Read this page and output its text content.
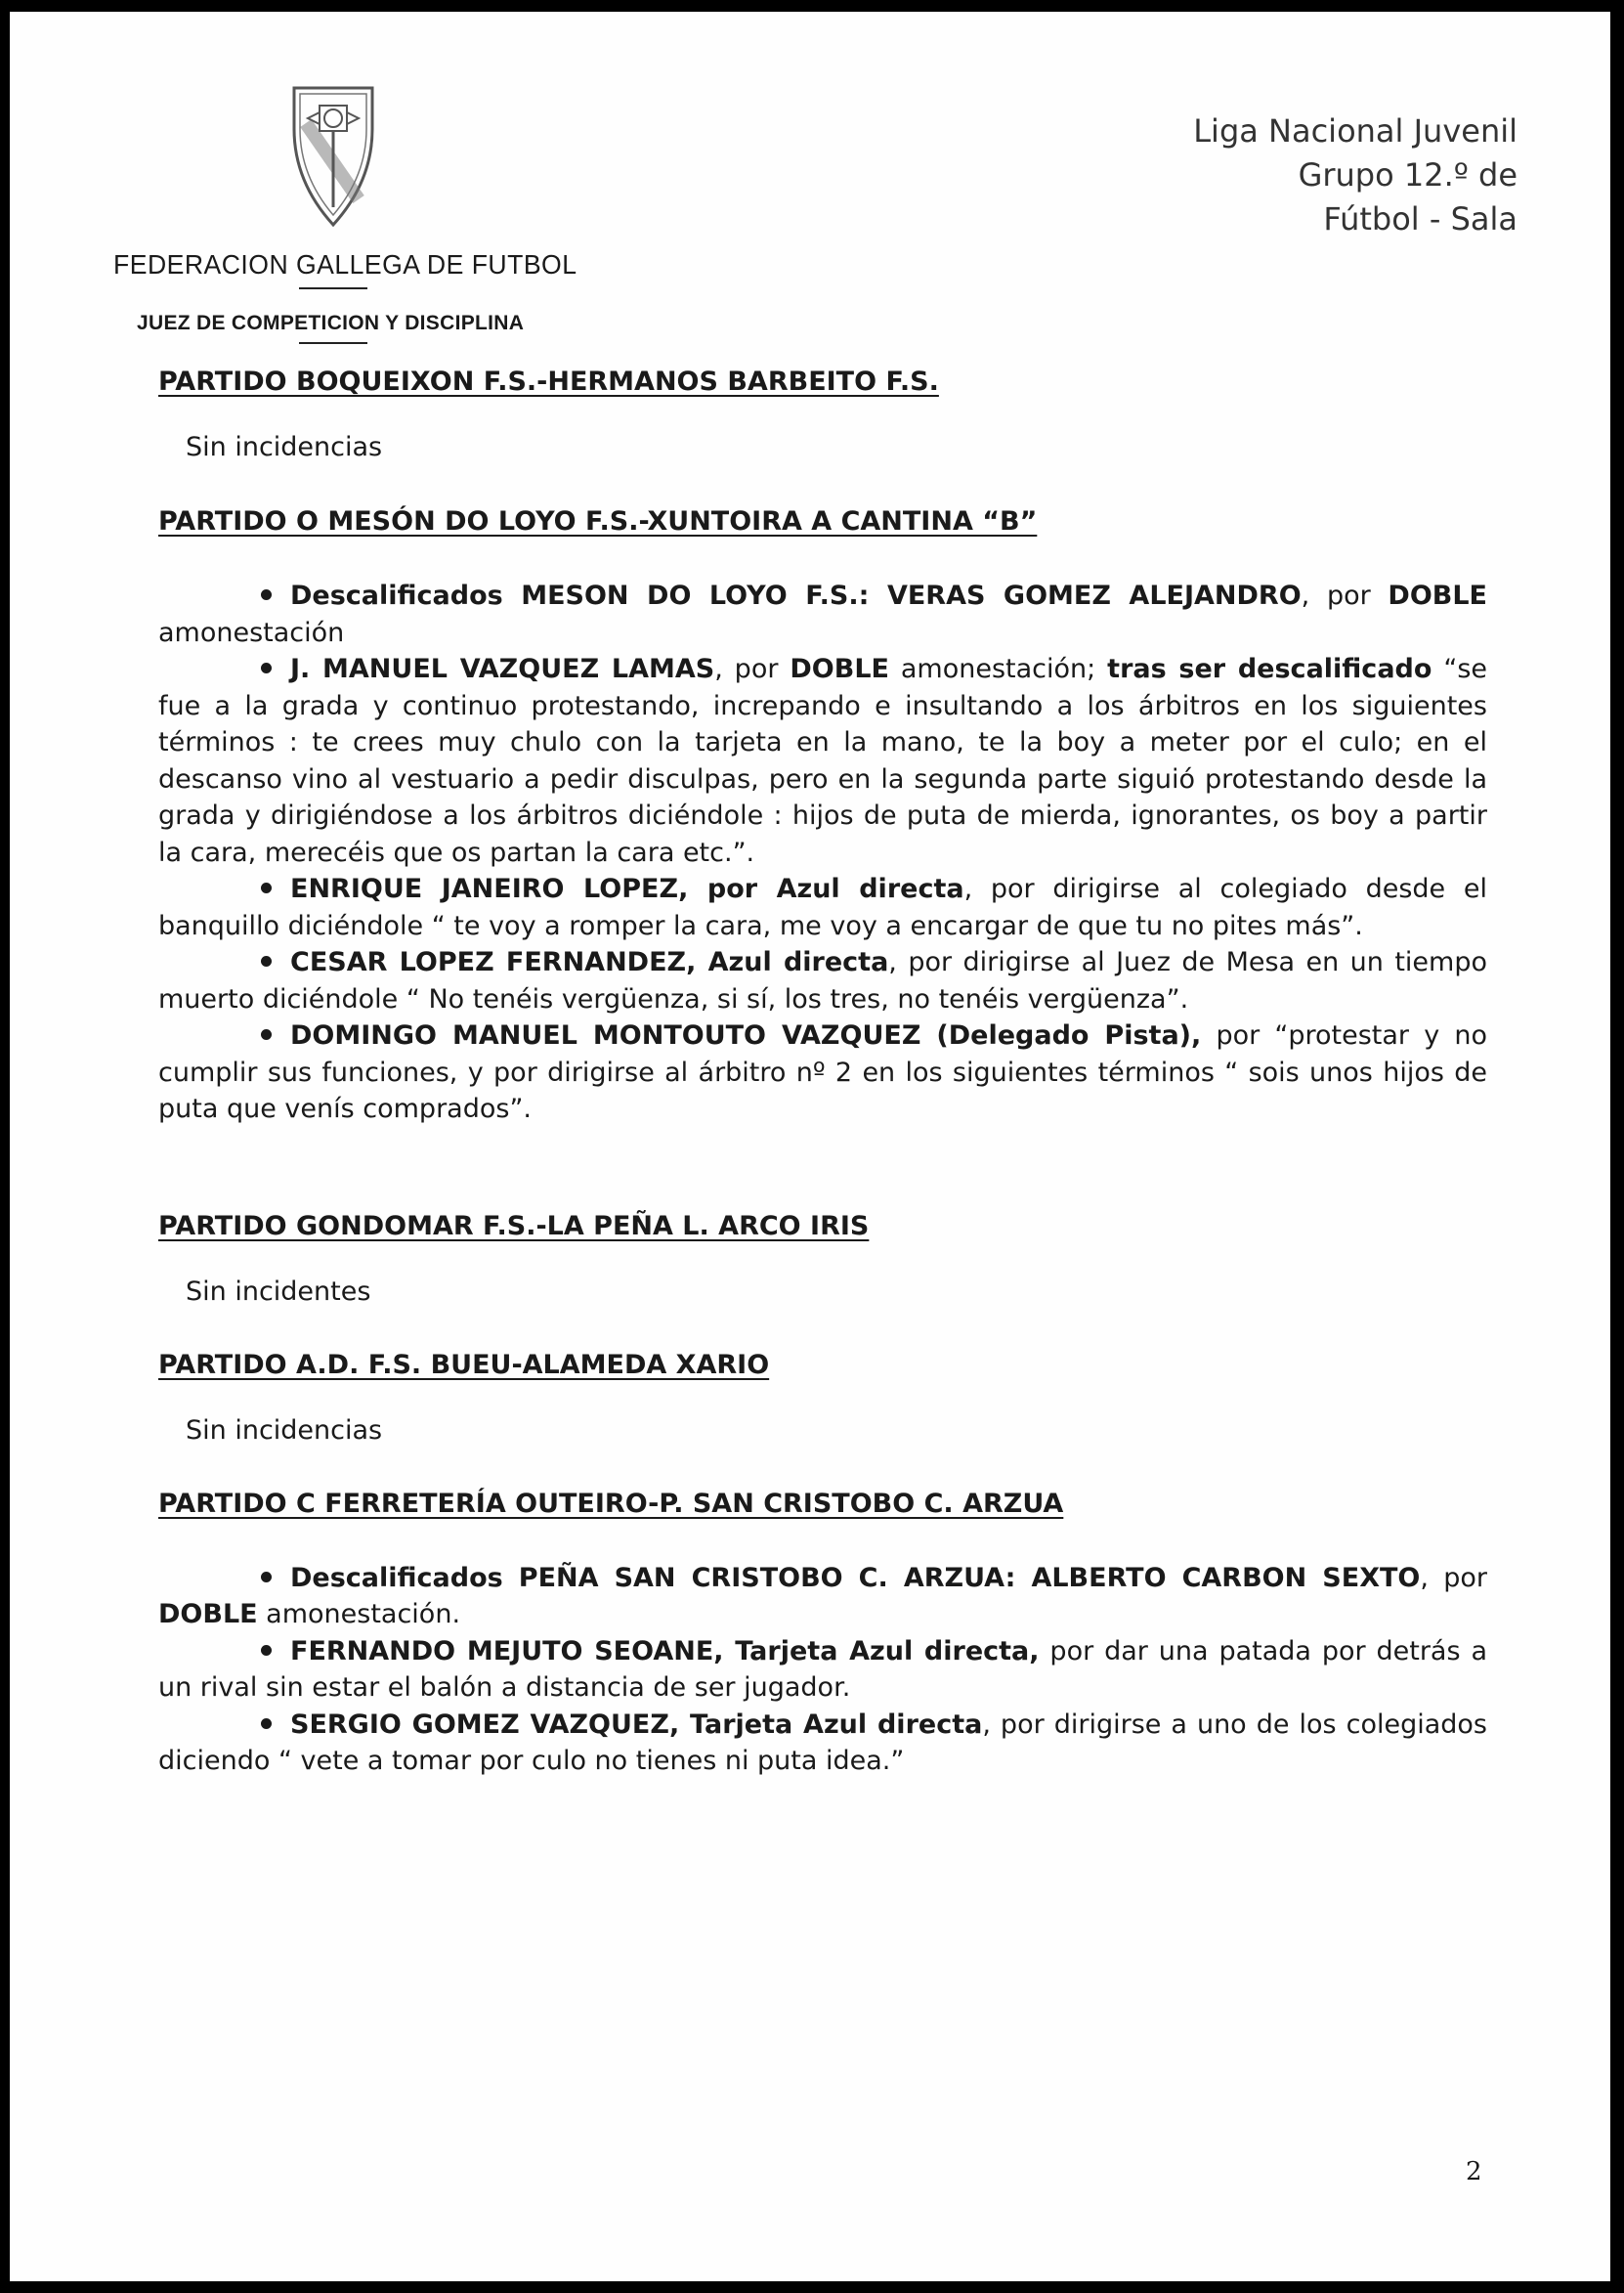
FEDERACION GALLEGA DE FUTBOL
JUEZ DE COMPETICION Y DISCIPLINA
Liga Nacional Juvenil
Grupo 12.º de
Fútbol - Sala
PARTIDO BOQUEIXON F.S.-HERMANOS BARBEITO F.S.

Sin incidencias

PARTIDO O MESÓN DO LOYO F.S.-XUNTOIRA A CANTINA “B”
Descalificados MESON DO LOYO F.S.: VERAS GOMEZ ALEJANDRO, por DOBLE amonestación
J. MANUEL VAZQUEZ LAMAS, por DOBLE amonestación; tras ser descalificado “se fue a la grada y continuo protestando, increpando e insultando a los árbitros en los siguientes términos : te crees muy chulo con la tarjeta en la mano, te la boy a meter por el culo; en el descanso vino al vestuario a pedir disculpas, pero en la segunda parte siguió protestando desde la grada y dirigiéndose a los árbitros diciéndole : hijos de puta de mierda, ignorantes, os boy a partir la cara, merecéis que os partan la cara etc.”.
ENRIQUE JANEIRO LOPEZ, por Azul directa, por dirigirse al colegiado desde el banquillo diciéndole “ te voy a romper la cara, me voy a encargar de que tu no pites más”.
CESAR LOPEZ FERNANDEZ, Azul directa, por dirigirse al Juez de Mesa en un tiempo muerto diciéndole “ No tenéis vergüenza, si sí, los tres, no tenéis vergüenza”.
DOMINGO MANUEL MONTOUTO VAZQUEZ (Delegado Pista), por “protestar y no cumplir sus funciones, y por dirigirse al árbitro nº 2 en los siguientes términos “ sois unos hijos de puta que venís comprados”.
PARTIDO GONDOMAR F.S.-LA PEÑA L. ARCO IRIS

Sin incidentes

PARTIDO A.D. F.S. BUEU-ALAMEDA XARIO

Sin incidencias

PARTIDO C FERRETERÍA OUTEIRO-P. SAN CRISTOBO C. ARZUA
Descalificados PEÑA SAN CRISTOBO C. ARZUA: ALBERTO CARBON SEXTO, por DOBLE amonestación.
FERNANDO MEJUTO SEOANE, Tarjeta Azul directa, por dar una patada por detrás a un rival sin estar el balón a distancia de ser jugador.
SERGIO GOMEZ VAZQUEZ, Tarjeta Azul directa, por dirigirse a uno de los colegiados diciendo “ vete a tomar por culo no tienes ni puta idea.”
2
